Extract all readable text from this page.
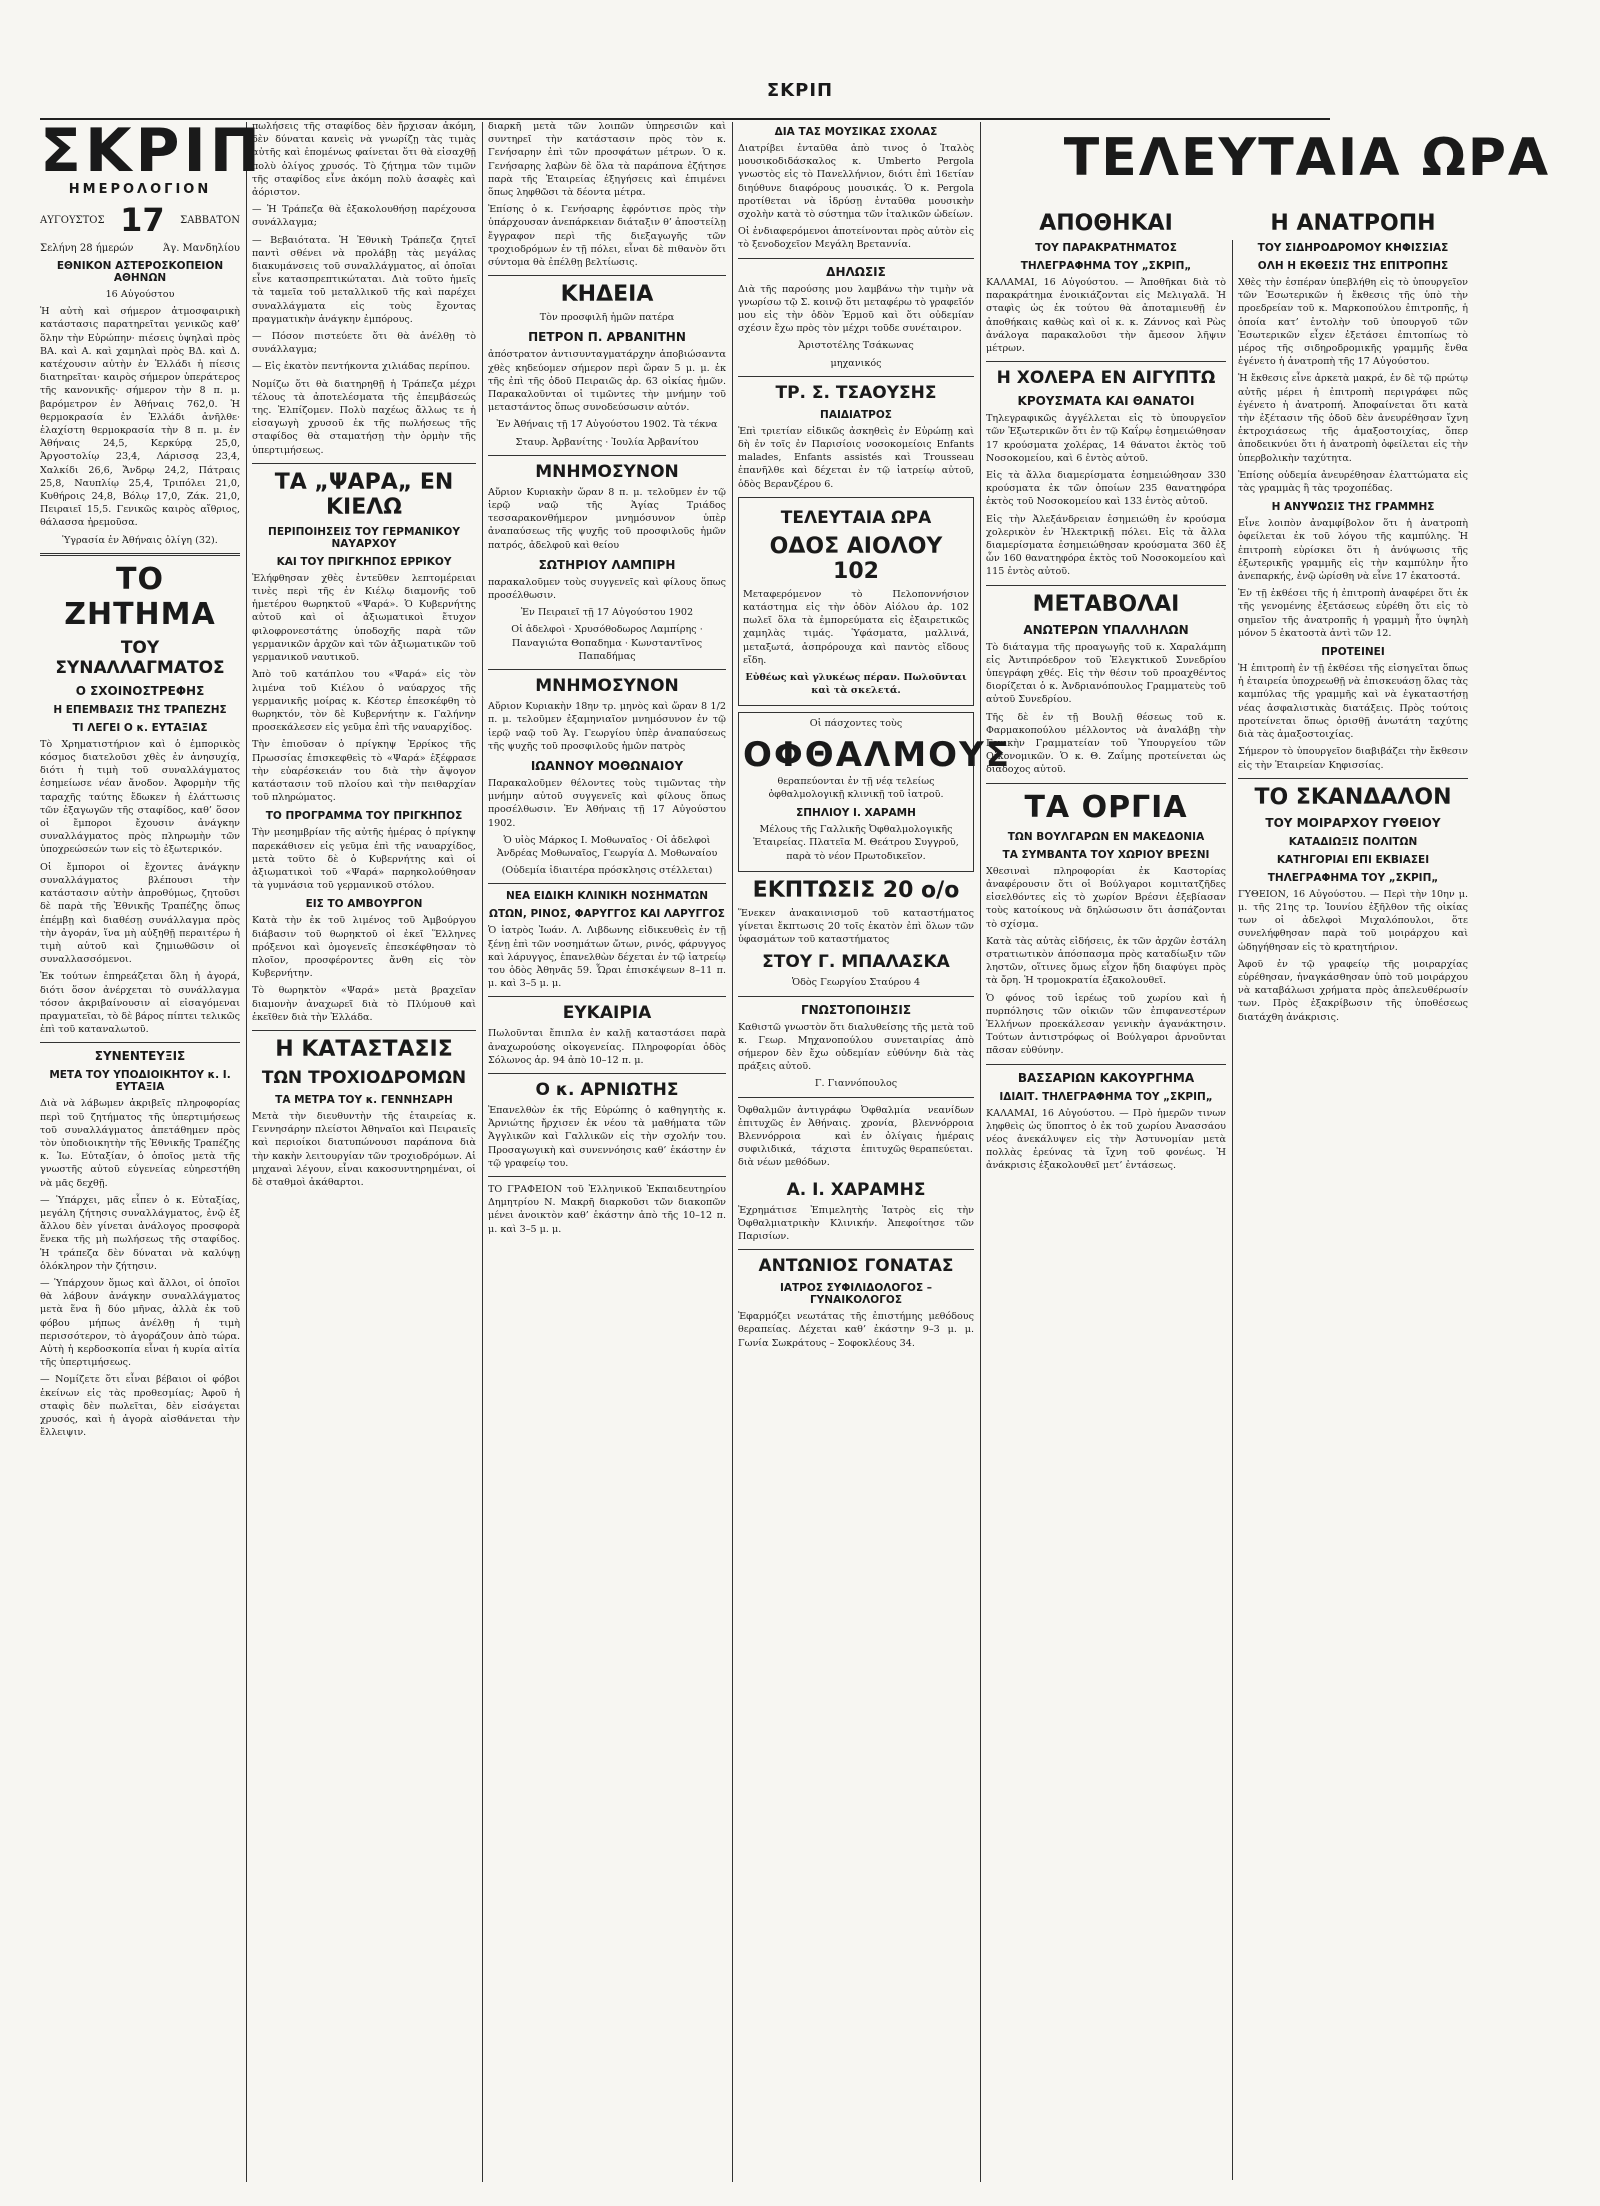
ΣΚΡΙΠ
ΣΚΡΙΠ
ΗΜΕΡΟΛΟΓΙΟΝ
ΑΥΓΟΥΣΤΟΣ 17 ΣΑΒΒΑΤΟΝ
Σελήνη 28 ήμερών	Άγ. Μανδηλίου
ΕΘΝΙΚΟΝ ΑΣΤΕΡΟΣΚΟΠΕΙΟΝ ΑΘΗΝΩΝ

16 Αὐγούστου

Ἡ αὐτὴ καὶ σήμερον ἀτμοσφαιρικὴ κατάστασις παρατηρεῖται γενικῶς καθ’ ὅλην τὴν Εὐρώπην· πιέσεις ὑψηλαὶ πρὸς ΒΑ. καὶ Α. καὶ χαμηλαὶ πρὸς ΒΔ. καὶ Δ. κατέχουσιν αὐτὴν ἐν Ἑλλάδι ἡ πίεσις διατηρεῖται· καιρὸς σήμερον ὑπεράτερος τῆς κανονικῆς· σήμερον τὴν 8 π. μ. βαρόμετρον ἐν Ἀθήναις 762,0. Ἡ θερμοκρασία ἐν Ἑλλάδι ἀνῆλθε· ἐλαχίστη θερμοκρασία τὴν 8 π. μ. ἐν Ἀθήναις 24,5, Κερκύρᾳ 25,0, Ἀργοστολίῳ 23,4, Λάρισσᾳ 23,4, Χαλκίδι 26,6, Ἄνδρῳ 24,2, Πάτραις 25,8, Ναυπλίῳ 25,4, Τριπόλει 21,0, Κυθήροις 24,8, Βόλῳ 17,0, Ζάκ. 21,0, Πειραιεῖ 15,5. Γενικῶς καιρὸς αἴθριος, θάλασσα ἠρεμοῦσα.

Ὑγρασία ἐν Ἀθήναις ὀλίγη (32).

ΤΟ ΖΗΤΗΜΑ
ΤΟΥ ΣΥΝΑΛΛΑΓΜΑΤΟΣ
Ο ΣΧΟΙΝΟΣΤΡΕΦΗΣ
Η ΕΠΕΜΒΑΣΙΣ ΤΗΣ ΤΡΑΠΕΖΗΣ
ΤΙ ΛΕΓΕΙ Ο κ. ΕΥΤΑΞΙΑΣ

Τὸ Χρηματιστήριον καὶ ὁ ἐμπορικὸς κόσμος διατελοῦσι χθὲς ἐν ἀνησυχίᾳ, διότι ἡ τιμὴ τοῦ συναλλάγματος ἐσημείωσε νέαν ἄνοδον. Ἀφορμὴν τῆς ταραχῆς ταύτης ἔδωκεν ἡ ἐλάττωσις τῶν ἐξαγωγῶν τῆς σταφίδος, καθ’ ὅσον οἱ ἔμποροι ἔχουσιν ἀνάγκην συναλλάγματος πρὸς πληρωμὴν τῶν ὑποχρεώσεών των εἰς τὸ ἐξωτερικόν.

Οἱ ἔμποροι οἱ ἔχοντες ἀνάγκην συναλλάγματος βλέπουσι τὴν κατάστασιν αὐτὴν ἀπροθύμως, ζητοῦσι δὲ παρὰ τῆς Ἐθνικῆς Τραπέζης ὅπως ἐπέμβῃ καὶ διαθέσῃ συνάλλαγμα πρὸς τὴν ἀγοράν, ἵνα μὴ αὐξηθῇ περαιτέρω ἡ τιμὴ αὐτοῦ καὶ ζημιωθῶσιν οἱ συναλλασσόμενοι.

Ἐκ τούτων ἐπηρεάζεται ὅλη ἡ ἀγορά, διότι ὅσον ἀνέρχεται τὸ συνάλλαγμα τόσον ἀκριβαίνουσιν αἱ εἰσαγόμεναι πραγματεῖαι, τὸ δὲ βάρος πίπτει τελικῶς ἐπὶ τοῦ καταναλωτοῦ.

ΣΥΝΕΝΤΕΥΞΙΣ
ΜΕΤΑ ΤΟΥ ΥΠΟΔΙΟΙΚΗΤΟΥ κ. Ι. ΕΥΤΑΞΙΑ

Διὰ νὰ λάβωμεν ἀκριβεῖς πληροφορίας περὶ τοῦ ζητήματος τῆς ὑπερτιμήσεως τοῦ συναλλάγματος ἀπετάθημεν πρὸς τὸν ὑποδιοικητὴν τῆς Ἐθνικῆς Τραπέζης κ. Ἰω. Εὐταξίαν, ὁ ὁποῖος μετὰ τῆς γνωστῆς αὐτοῦ εὐγενείας εὐηρεστήθη νὰ μᾶς δεχθῇ.

— Ὑπάρχει, μᾶς εἶπεν ὁ κ. Εὐταξίας, μεγάλη ζήτησις συναλλάγματος, ἐνῷ ἐξ ἄλλου δὲν γίνεται ἀνάλογος προσφορὰ ἕνεκα τῆς μὴ πωλήσεως τῆς σταφίδος. Ἡ τράπεζα δὲν δύναται νὰ καλύψῃ ὁλόκληρον τὴν ζήτησιν.

— Ὑπάρχουν ὅμως καὶ ἄλλοι, οἱ ὁποῖοι θὰ λάβουν ἀνάγκην συναλλάγματος μετὰ ἕνα ἢ δύο μῆνας, ἀλλὰ ἐκ τοῦ φόβου μήπως ἀνέλθῃ ἡ τιμὴ περισσότερον, τὸ ἀγοράζουν ἀπὸ τώρα. Αὐτὴ ἡ κερδοσκοπία εἶναι ἡ κυρία αἰτία τῆς ὑπερτιμήσεως.

— Νομίζετε ὅτι εἶναι βέβαιοι οἱ φόβοι ἐκείνων εἰς τὰς προθεσμίας; Ἀφοῦ ἡ σταφὶς δὲν πωλεῖται, δὲν εἰσάγεται χρυσός, καὶ ἡ ἀγορὰ αἰσθάνεται τὴν ἔλλειψιν.

πωλήσεις τῆς σταφίδος δὲν ἤρχισαν ἀκόμη, δὲν δύναται κανεὶς νὰ γνωρίζῃ τὰς τιμὰς αὐτῆς καὶ ἐπομένως φαίνεται ὅτι θὰ εἰσαχθῇ πολὺ ὀλίγος χρυσός. Τὸ ζήτημα τῶν τιμῶν τῆς σταφίδος εἶνε ἀκόμη πολὺ ἀσαφὲς καὶ ἀόριστον.

— Ἡ Τράπεζα θὰ ἐξακολουθήσῃ παρέχουσα συνάλλαγμα;

— Βεβαιότατα. Ἡ Ἐθνικὴ Τράπεζα ζητεῖ παντὶ σθένει νὰ προλάβῃ τὰς μεγάλας διακυμάνσεις τοῦ συναλλάγματος, αἱ ὁποῖαι εἶνε κατασπρεπτικώταται. Διὰ τοῦτο ἡμεῖς τὰ ταμεῖα τοῦ μεταλλικοῦ τῆς καὶ παρέχει συναλλάγματα εἰς τοὺς ἔχοντας πραγματικὴν ἀνάγκην ἐμπόρους.

— Πόσον πιστεύετε ὅτι θὰ ἀνέλθῃ τὸ συνάλλαγμα;

— Εἰς ἑκατὸν πεντήκοντα χιλιάδας περίπου.

Νομίζω ὅτι θὰ διατηρηθῇ ἡ Τράπεζα μέχρι τέλους τὰ ἀποτελέσματα τῆς ἐπεμβάσεώς της. Ἐλπίζομεν. Πολὺ παχέως ἄλλως τε ἡ εἰσαγωγὴ χρυσοῦ ἐκ τῆς πωλήσεως τῆς σταφίδος θὰ σταματήσῃ τὴν ὁρμὴν τῆς ὑπερτιμήσεως.

ΤΑ „ΨΑΡΑ„ ΕΝ ΚΙΕΛΩ
ΠΕΡΙΠΟΙΗΣΕΙΣ ΤΟΥ ΓΕΡΜΑΝΙΚΟΥ ΝΑΥΑΡΧΟΥ
ΚΑΙ ΤΟΥ ΠΡΙΓΚΗΠΟΣ ΕΡΡΙΚΟΥ

Ἐλήφθησαν χθὲς ἐντεῦθεν λεπτομέρειαι τινὲς περὶ τῆς ἐν Κιέλῳ διαμονῆς τοῦ ἡμετέρου θωρηκτοῦ «Ψαρά». Ὁ Κυβερνήτης αὐτοῦ καὶ οἱ ἀξιωματικοὶ ἔτυχον φιλοφρονεστάτης ὑποδοχῆς παρὰ τῶν γερμανικῶν ἀρχῶν καὶ τῶν ἀξιωματικῶν τοῦ γερμανικοῦ ναυτικοῦ.

Ἀπὸ τοῦ κατάπλου του «Ψαρά» εἰς τὸν λιμένα τοῦ Κιέλου ὁ ναύαρχος τῆς γερμανικῆς μοίρας κ. Κέστερ ἐπεσκέφθη τὸ θωρηκτόν, τὸν δὲ Κυβερνήτην κ. Γαλήνην προσεκάλεσεν εἰς γεῦμα ἐπὶ τῆς ναυαρχίδος.

Τὴν ἐπιοῦσαν ὁ πρίγκηψ Ἐρρίκος τῆς Πρωσσίας ἐπισκεφθεὶς τὸ «Ψαρά» ἐξέφρασε τὴν εὐαρέσκειάν του διὰ τὴν ἄψογον κατάστασιν τοῦ πλοίου καὶ τὴν πειθαρχίαν τοῦ πληρώματος.

ΤΟ ΠΡΟΓΡΑΜΜΑ ΤΟΥ ΠΡΙΓΚΗΠΟΣ

Τὴν μεσημβρίαν τῆς αὐτῆς ἡμέρας ὁ πρίγκηψ παρεκάθισεν εἰς γεῦμα ἐπὶ τῆς ναυαρχίδος, μετὰ τοῦτο δὲ ὁ Κυβερνήτης καὶ οἱ ἀξιωματικοὶ τοῦ «Ψαρά» παρηκολούθησαν τὰ γυμνάσια τοῦ γερμανικοῦ στόλου.

ΕΙΣ ΤΟ ΑΜΒΟΥΡΓΟΝ

Κατὰ τὴν ἐκ τοῦ λιμένος τοῦ Ἀμβούργου διάβασιν τοῦ θωρηκτοῦ οἱ ἐκεῖ Ἕλληνες πρόξενοι καὶ ὁμογενεῖς ἐπεσκέφθησαν τὸ πλοῖον, προσφέροντες ἄνθη εἰς τὸν Κυβερνήτην.

Τὸ θωρηκτὸν «Ψαρά» μετὰ βραχεῖαν διαμονὴν ἀναχωρεῖ διὰ τὸ Πλύμουθ καὶ ἐκεῖθεν διὰ τὴν Ἑλλάδα.

Η ΚΑΤΑΣΤΑΣΙΣ
ΤΩΝ ΤΡΟΧΙΟΔΡΟΜΩΝ
ΤΑ ΜΕΤΡΑ ΤΟΥ κ. ΓΕΝΝΗΣΑΡΗ

Μετὰ τὴν διευθυντὴν τῆς ἑταιρείας κ. Γεννησάρην πλείστοι Ἀθηναῖοι καὶ Πειραιεῖς καὶ περιοίκοι διατυπώνουσι παράπονα διὰ τὴν κακὴν λειτουργίαν τῶν τροχιοδρόμων. Αἱ μηχαναὶ λέγουν, εἶναι κακοσυντηρημέναι, οἱ δὲ σταθμοὶ ἀκάθαρτοι.

διαρκῆ μετὰ τῶν λοιπῶν ὑπηρεσιῶν καὶ συντηρεῖ τὴν κατάστασιν πρὸς τὸν κ. Γενήσαρην ἐπὶ τῶν προσφάτων μέτρων. Ὁ κ. Γενήσαρης λαβὼν δὲ ὅλα τὰ παράπονα ἐζήτησε παρὰ τῆς Ἑταιρείας ἐξηγήσεις καὶ ἐπιμένει ὅπως ληφθῶσι τὰ δέοντα μέτρα.

Ἐπίσης ὁ κ. Γενήσαρης ἐφρόντισε πρὸς τὴν ὑπάρχουσαν ἀνεπάρκειαν διάταξιν θ’ ἀποστείλῃ ἔγγραφον περὶ τῆς διεξαγωγῆς τῶν τροχιοδρόμων ἐν τῇ πόλει, εἶναι δὲ πιθανὸν ὅτι σύντομα θὰ ἐπέλθῃ βελτίωσις.

ΚΗΔΕΙΑ

Τὸν προσφιλῆ ἡμῶν πατέρα

ΠΕΤΡΟΝ Π. ΑΡΒΑΝΙΤΗΝ

ἀπόστρατον ἀντισυνταγματάρχην ἀποβιώσαντα χθὲς κηδεύομεν σήμερον περὶ ὥραν 5 μ. μ. ἐκ τῆς ἐπὶ τῆς ὁδοῦ Πειραιῶς ἀρ. 63 οἰκίας ἡμῶν. Παρακαλοῦνται οἱ τιμῶντες τὴν μνήμην τοῦ μεταστάντος ὅπως συνοδεύσωσιν αὐτόν.

Ἐν Ἀθήναις τῇ 17 Αὐγούστου 1902. Τὰ τέκνα

Σταυρ. Ἀρβανίτης · Ἰουλία Ἀρβανίτου

ΜΝΗΜΟΣΥΝΟΝ

Αὔριον Κυριακὴν ὥραν 8 π. μ. τελοῦμεν ἐν τῷ ἱερῷ ναῷ τῆς Ἁγίας Τριάδος τεσσαρακονθήμερον μνημόσυνον ὑπὲρ ἀναπαύσεως τῆς ψυχῆς τοῦ προσφιλοῦς ἡμῶν πατρός, ἀδελφοῦ καὶ θείου

ΣΩΤΗΡΙΟΥ ΛΑΜΠΙΡΗ

παρακαλοῦμεν τοὺς συγγενεῖς καὶ φίλους ὅπως προσέλθωσιν.

Ἐν Πειραιεῖ τῇ 17 Αὐγούστου 1902

Οἱ ἀδελφοὶ · Χρυσόθοδωρος Λαμπίρης · Παναγιώτα Θοπαδημα · Κωνσταντῖνος Παπαδήμας

ΜΝΗΜΟΣΥΝΟΝ

Αὔριον Κυριακὴν 18ην τρ. μηνὸς καὶ ὥραν 8 1/2 π. μ. τελοῦμεν ἑξαμηνιαῖον μνημόσυνον ἐν τῷ ἱερῷ ναῷ τοῦ Ἁγ. Γεωργίου ὑπὲρ ἀναπαύσεως τῆς ψυχῆς τοῦ προσφιλοῦς ἡμῶν πατρὸς

ΙΩΑΝΝΟΥ ΜΟΘΩΝΑΙΟΥ

Παρακαλοῦμεν θέλοντες τοὺς τιμῶντας τὴν μνήμην αὐτοῦ συγγενεῖς καὶ φίλους ὅπως προσέλθωσιν. Ἐν Ἀθήναις τῇ 17 Αὐγούστου 1902.

Ὁ υἱὸς Μάρκος Ι. Μοθωναῖος · Οἱ ἀδελφοὶ Ἀνδρέας Μοθωναῖος, Γεωργία Δ. Μοθωναίου

(Οὐδεμία ἰδιαιτέρα πρόσκλησις στέλλεται)

ΝΕΑ ΕΙΔΙΚΗ ΚΛΙΝΙΚΗ ΝΟΣΗΜΑΤΩΝ
ΩΤΩΝ, ΡΙΝΟΣ, ΦΑΡΥΓΓΟΣ ΚΑΙ ΛΑΡΥΓΓΟΣ

Ὁ ἰατρὸς Ἰωάν. Λ. Λιβδωνης εἰδικευθεὶς ἐν τῇ ξένῃ ἐπὶ τῶν νοσημάτων ὤτων, ρινός, φάρυγγος καὶ λάρυγγος, ἐπανελθὼν δέχεται ἐν τῷ ἰατρείῳ του ὁδὸς Ἀθηνᾶς 59. Ὧραι ἐπισκέψεων 8–11 π. μ. καὶ 3–5 μ. μ.

ΕΥΚΑΙΡΙΑ

Πωλοῦνται ἔπιπλα ἐν καλῇ καταστάσει παρὰ ἀναχωρούσης οἰκογενείας. Πληροφορίαι ὁδὸς Σόλωνος ἀρ. 94 ἀπὸ 10–12 π. μ.

Ο κ. ΑΡΝΙΩΤΗΣ

Ἐπανελθὼν ἐκ τῆς Εὐρώπης ὁ καθηγητὴς κ. Ἀρνιώτης ἤρχισεν ἐκ νέου τὰ μαθήματα τῶν Ἀγγλικῶν καὶ Γαλλικῶν εἰς τὴν σχολήν του. Προσαγωγικὴ καὶ συνεννόησις καθ’ ἑκάστην ἐν τῷ γραφείῳ του.

ΤΟ ΓΡΑΦΕΙΟΝ τοῦ Ἑλληνικοῦ Ἐκπαιδευτηρίου Δημητρίου Ν. Μακρῆ διαρκοῦσι τῶν διακοπῶν μένει ἀνοικτὸν καθ’ ἑκάστην ἀπὸ τῆς 10–12 π. μ. καὶ 3–5 μ. μ.

ΔΙΑ ΤΑΣ ΜΟΥΣΙΚΑΣ ΣΧΟΛΑΣ

Διατρίβει ἐνταῦθα ἀπὸ τινος ὁ Ἰταλὸς μουσικοδιδάσκαλος κ. Umberto Pergola γνωστὸς εἰς τὸ Πανελλήνιον, διότι ἐπὶ 16ετίαν διηύθυνε διαφόρους μουσικάς. Ὁ κ. Pergola προτίθεται νὰ ἱδρύσῃ ἐνταῦθα μουσικὴν σχολὴν κατὰ τὸ σύστημα τῶν ἰταλικῶν ὠδείων.

Οἱ ἐνδιαφερόμενοι ἀποτείνονται πρὸς αὐτὸν εἰς τὸ ξενοδοχεῖον Μεγάλη Βρεταννία.

ΔΗΛΩΣΙΣ

Διὰ τῆς παρούσης μου λαμβάνω τὴν τιμὴν νὰ γνωρίσω τῷ Σ. κοινῷ ὅτι μεταφέρω τὸ γραφεῖόν μου εἰς τὴν ὁδὸν Ἑρμοῦ καὶ ὅτι οὐδεμίαν σχέσιν ἔχω πρὸς τὸν μέχρι τοῦδε συνέταιρον.

Ἀριστοτέλης Τσάκωνας

μηχανικός

ΤΡ. Σ. ΤΣΑΟΥΣΗΣ
ΠΑΙΔΙΑΤΡΟΣ

Ἐπὶ τριετίαν εἰδικῶς ἀσκηθεὶς ἐν Εὐρώπῃ καὶ δὴ ἐν τοῖς ἐν Παρισίοις νοσοκομείοις Enfants malades, Enfants assistés καὶ Trousseau ἐπανῆλθε καὶ δέχεται ἐν τῷ ἰατρείῳ αὐτοῦ, ὁδὸς Βερανζέρου 6.

ΤΕΛΕΥΤΑΙΑ ΩΡΑ
ΟΔΟΣ ΑΙΟΛΟΥ 102

Μεταφερόμενον τὸ Πελοποννήσιον κατάστημα εἰς τὴν ὁδὸν Αἰόλου ἀρ. 102 πωλεῖ ὅλα τὰ ἐμπορεύματα εἰς ἐξαιρετικῶς χαμηλὰς τιμάς. Ὑφάσματα, μαλλινά, μεταξωτά, ἀσπρόρουχα καὶ παντὸς εἴδους εἴδη.

Εὐθέως καὶ γλυκέως πέραν. Πωλοῦνται καὶ τὰ σκελετά.

Οἱ πάσχοντες τοὺς

ΟΦΘΑΛΜΟΥΣ

θεραπεύονται ἐν τῇ νέᾳ τελείως ὀφθαλμολογικῇ κλινικῇ τοῦ ἰατροῦ.

ΣΠΗΛΙΟΥ Ι. ΧΑΡΑΜΗ

Μέλους τῆς Γαλλικῆς Ὀφθαλμολογικῆς Ἑταιρείας. Πλατεῖα Μ. Θεάτρου Συγγροῦ, παρὰ τὸ νέον Πρωτοδικεῖον.

ΕΚΠΤΩΣΙΣ 20 ο/ο

Ἕνεκεν ἀνακαινισμοῦ τοῦ καταστήματος γίνεται ἔκπτωσις 20 τοῖς ἑκατὸν ἐπὶ ὅλων τῶν ὑφασμάτων τοῦ καταστήματος

ΣΤΟΥ Γ. ΜΠΑΛΑΣΚΑ

Ὁδὸς Γεωργίου Σταύρου 4

ΓΝΩΣΤΟΠΟΙΗΣΙΣ

Καθιστῶ γνωστὸν ὅτι διαλυθείσης τῆς μετὰ τοῦ κ. Γεωρ. Μηχανοπούλου συνεταιρίας ἀπὸ σήμερον δὲν ἔχω οὐδεμίαν εὐθύνην διὰ τὰς πράξεις αὐτοῦ.

Γ. Γιαννόπουλος

Ὀφθαλμῶν ἀντιγράφω ἐπιτυχῶς ἐν Ἀθήναις. Βλεννόρροια καὶ συφιλιδικά, τάχιστα διὰ νέων μεθόδων.

Ὀφθαλμία νεανίδων χρονία, βλεννόρροια ἐν ὀλίγαις ἡμέραις ἐπιτυχῶς θεραπεύεται.

Α. Ι. ΧΑΡΑΜΗΣ

Ἐχρημάτισε Ἐπιμελητὴς Ἰατρὸς εἰς τὴν Ὀφθαλμιατρικὴν Κλινικήν. Ἀπεφοίτησε τῶν Παρισίων.

ΑΝΤΩΝΙΟΣ ΓΟΝΑΤΑΣ
ΙΑΤΡΟΣ ΣΥΦΙΛΙΔΟΛΟΓΟΣ – ΓΥΝΑΙΚΟΛΟΓΟΣ

Ἐφαρμόζει νεωτάτας τῆς ἐπιστήμης μεθόδους θεραπείας. Δέχεται καθ’ ἑκάστην 9–3 μ. μ. Γωνία Σωκράτους – Σοφοκλέους 34.

ΤΕΛΕΥΤΑΙΑ ΩΡΑ
ΑΠΟΘΗΚΑΙ
ΤΟΥ ΠΑΡΑΚΡΑΤΗΜΑΤΟΣ
ΤΗΛΕΓΡΑΦΗΜΑ ΤΟΥ „ΣΚΡΙΠ„

ΚΑΛΑΜΑΙ, 16 Αὐγούστου. — Ἀποθῆκαι διὰ τὸ παρακράτημα ἐνοικιάζονται εἰς Μελιγαλᾶ. Ἡ σταφὶς ὡς ἐκ τούτου θὰ ἀποταμιευθῇ ἐν ἀποθήκαις καθὼς καὶ οἱ κ. κ. Ζάννος καὶ Ρὼς ἀνάλογα παρακαλοῦσι τὴν ἄμεσον λῆψιν μέτρων.

Η ΧΟΛΕΡΑ ΕΝ ΑΙΓΥΠΤΩ
ΚΡΟΥΣΜΑΤΑ ΚΑΙ ΘΑΝΑΤΟΙ

Τηλεγραφικῶς ἀγγέλλεται εἰς τὸ ὑπουργεῖον τῶν Ἐξωτερικῶν ὅτι ἐν τῷ Καΐρῳ ἐσημειώθησαν 17 κρούσματα χολέρας, 14 θάνατοι ἐκτὸς τοῦ Νοσοκομείου, καὶ 6 ἐντὸς αὐτοῦ.

Εἰς τὰ ἄλλα διαμερίσματα ἐσημειώθησαν 330 κρούσματα ἐκ τῶν ὁποίων 235 θανατηφόρα ἐκτὸς τοῦ Νοσοκομείου καὶ 133 ἐντὸς αὐτοῦ.

Εἰς τὴν Ἀλεξάνδρειαν ἐσημειώθη ἐν κρούσμα χολερικὸν ἐν Ἠλεκτρικῇ πόλει. Εἰς τὰ ἄλλα διαμερίσματα ἐσημειώθησαν κρούσματα 360 ἐξ ὧν 160 θανατηφόρα ἐκτὸς τοῦ Νοσοκομείου καὶ 115 ἐντὸς αὐτοῦ.

ΜΕΤΑΒΟΛΑΙ
ΑΝΩΤΕΡΩΝ ΥΠΑΛΛΗΛΩΝ

Τὸ διάταγμα τῆς προαγωγῆς τοῦ κ. Χαραλάμπη εἰς Ἀντιπρόεδρον τοῦ Ἐλεγκτικοῦ Συνεδρίου ὑπεγράφη χθές. Εἰς τὴν θέσιν τοῦ προαχθέντος διορίζεται ὁ κ. Ἀνδριανόπουλος Γραμματεὺς τοῦ αὐτοῦ Συνεδρίου.

Τῆς δὲ ἐν τῇ Βουλῇ θέσεως τοῦ κ. Φαρμακοπούλου μέλλοντος νὰ ἀναλάβῃ τὴν Γενικὴν Γραμματείαν τοῦ Ὑπουργείου τῶν Οἰκονομικῶν. Ὁ κ. Θ. Ζαΐμης προτείνεται ὡς διάδοχος αὐτοῦ.

ΤΑ ΟΡΓΙΑ
ΤΩΝ ΒΟΥΛΓΑΡΩΝ ΕΝ ΜΑΚΕΔΟΝΙΑ
ΤΑ ΣΥΜΒΑΝΤΑ ΤΟΥ ΧΩΡΙΟΥ ΒΡΕΣΝΙ

Χθεσιναὶ πληροφορίαι ἐκ Καστορίας ἀναφέρουσιν ὅτι οἱ Βούλγαροι κομιτατζῆδες εἰσελθόντες εἰς τὸ χωρίον Βρέσνι ἐξεβίασαν τοὺς κατοίκους νὰ δηλώσωσιν ὅτι ἀσπάζονται τὸ σχίσμα.

Κατὰ τὰς αὐτὰς εἰδήσεις, ἐκ τῶν ἀρχῶν ἐστάλη στρατιωτικὸν ἀπόσπασμα πρὸς καταδίωξιν τῶν ληστῶν, οἵτινες ὅμως εἶχον ἤδη διαφύγει πρὸς τὰ ὄρη. Ἡ τρομοκρατία ἐξακολουθεῖ.

Ὁ φόνος τοῦ ἱερέως τοῦ χωρίου καὶ ἡ πυρπόλησις τῶν οἰκιῶν τῶν ἐπιφανεστέρων Ἑλλήνων προεκάλεσαν γενικὴν ἀγανάκτησιν. Τούτων ἀντιστρόφως οἱ Βούλγαροι ἀρνοῦνται πᾶσαν εὐθύνην.

ΒΑΣΣΑΡΙΩΝ ΚΑΚΟΥΡΓΗΜΑ
ΙΔΙΑΙΤ. ΤΗΛΕΓΡΑΦΗΜΑ ΤΟΥ „ΣΚΡΙΠ„

ΚΑΛΑΜΑΙ, 16 Αὐγούστου. — Πρὸ ἡμερῶν τινων ληφθεὶς ὡς ὕποπτος ὁ ἐκ τοῦ χωρίου Ἀνασσάου νέος ἀνεκάλυψεν εἰς τὴν Ἀστυνομίαν μετὰ πολλὰς ἐρεύνας τὰ ἴχνη τοῦ φονέως. Ἡ ἀνάκρισις ἐξακολουθεῖ μετ’ ἐντάσεως.

Η ΑΝΑΤΡΟΠΗ
ΤΟΥ ΣΙΔΗΡΟΔΡΟΜΟΥ ΚΗΦΙΣΣΙΑΣ
ΟΛΗ Η ΕΚΘΕΣΙΣ ΤΗΣ ΕΠΙΤΡΟΠΗΣ

Χθὲς τὴν ἑσπέραν ὑπεβλήθη εἰς τὸ ὑπουργεῖον τῶν Ἐσωτερικῶν ἡ ἔκθεσις τῆς ὑπὸ τὴν προεδρείαν τοῦ κ. Μαρκοπούλου ἐπιτροπῆς, ἡ ὁποία κατ’ ἐντολὴν τοῦ ὑπουργοῦ τῶν Ἐσωτερικῶν εἶχεν ἐξετάσει ἐπιτοπίως τὸ μέρος τῆς σιδηροδρομικῆς γραμμῆς ἔνθα ἐγένετο ἡ ἀνατροπὴ τῆς 17 Αὐγούστου.

Ἡ ἔκθεσις εἶνε ἀρκετὰ μακρά, ἐν δὲ τῷ πρώτῳ αὐτῆς μέρει ἡ ἐπιτροπὴ περιγράφει πῶς ἐγένετο ἡ ἀνατροπή. Ἀποφαίνεται ὅτι κατὰ τὴν ἐξέτασιν τῆς ὁδοῦ δὲν ἀνευρέθησαν ἴχνη ἐκτροχιάσεως τῆς ἁμαξοστοιχίας, ὅπερ ἀποδεικνύει ὅτι ἡ ἀνατροπὴ ὀφείλεται εἰς τὴν ὑπερβολικὴν ταχύτητα.

Ἐπίσης οὐδεμία ἀνευρέθησαν ἐλαττώματα εἰς τὰς γραμμὰς ἢ τὰς τροχοπέδας.

Η ΑΝΥΨΩΣΙΣ ΤΗΣ ΓΡΑΜΜΗΣ

Εἶνε λοιπὸν ἀναμφίβολον ὅτι ἡ ἀνατροπὴ ὀφείλεται ἐκ τοῦ λόγου τῆς καμπύλης. Ἡ ἐπιτροπὴ εὑρίσκει ὅτι ἡ ἀνύψωσις τῆς ἐξωτερικῆς γραμμῆς εἰς τὴν καμπύλην ἦτο ἀνεπαρκής, ἐνῷ ὡρίσθη νὰ εἶνε 17 ἑκατοστά.

Ἐν τῇ ἐκθέσει τῆς ἡ ἐπιτροπὴ ἀναφέρει ὅτι ἐκ τῆς γενομένης ἐξετάσεως εὑρέθη ὅτι εἰς τὸ σημεῖον τῆς ἀνατροπῆς ἡ γραμμὴ ἦτο ὑψηλὴ μόνον 5 ἑκατοστὰ ἀντὶ τῶν 12.

ΠΡΟΤΕΙΝΕΙ

Ἡ ἐπιτροπὴ ἐν τῇ ἐκθέσει τῆς εἰσηγεῖται ὅπως ἡ ἐταιρεία ὑποχρεωθῇ νὰ ἐπισκευάσῃ ὅλας τὰς καμπύλας τῆς γραμμῆς καὶ νὰ ἐγκαταστήσῃ νέας ἀσφαλιστικὰς διατάξεις. Πρὸς τούτοις προτείνεται ὅπως ὁρισθῇ ἀνωτάτη ταχύτης διὰ τὰς ἁμαξοστοιχίας.

Σήμερον τὸ ὑπουργεῖον διαβιβάζει τὴν ἔκθεσιν εἰς τὴν Ἑταιρείαν Κηφισσίας.

ΤΟ ΣΚΑΝΔΑΛΟΝ
ΤΟΥ ΜΟΙΡΑΡΧΟΥ ΓΥΘΕΙΟΥ
ΚΑΤΑΔΙΩΞΙΣ ΠΟΛΙΤΩΝ
ΚΑΤΗΓΟΡΙΑΙ ΕΠΙ ΕΚΒΙΑΣΕΙ
ΤΗΛΕΓΡΑΦΗΜΑ ΤΟΥ „ΣΚΡΙΠ„

ΓΥΘΕΙΟΝ, 16 Αὐγούστου. — Περὶ τὴν 10ην μ. μ. τῆς 21ης τρ. Ἰουνίου ἐξῆλθον τῆς οἰκίας των οἱ ἀδελφοὶ Μιχαλόπουλοι, ὅτε συνελήφθησαν παρὰ τοῦ μοιράρχου καὶ ὡδηγήθησαν εἰς τὸ κρατητήριον.

Ἀφοῦ ἐν τῷ γραφείῳ τῆς μοιραρχίας εὑρέθησαν, ἠναγκάσθησαν ὑπὸ τοῦ μοιράρχου νὰ καταβάλωσι χρήματα πρὸς ἀπελευθέρωσίν των. Πρὸς ἐξακρίβωσιν τῆς ὑποθέσεως διατάχθη ἀνάκρισις.
